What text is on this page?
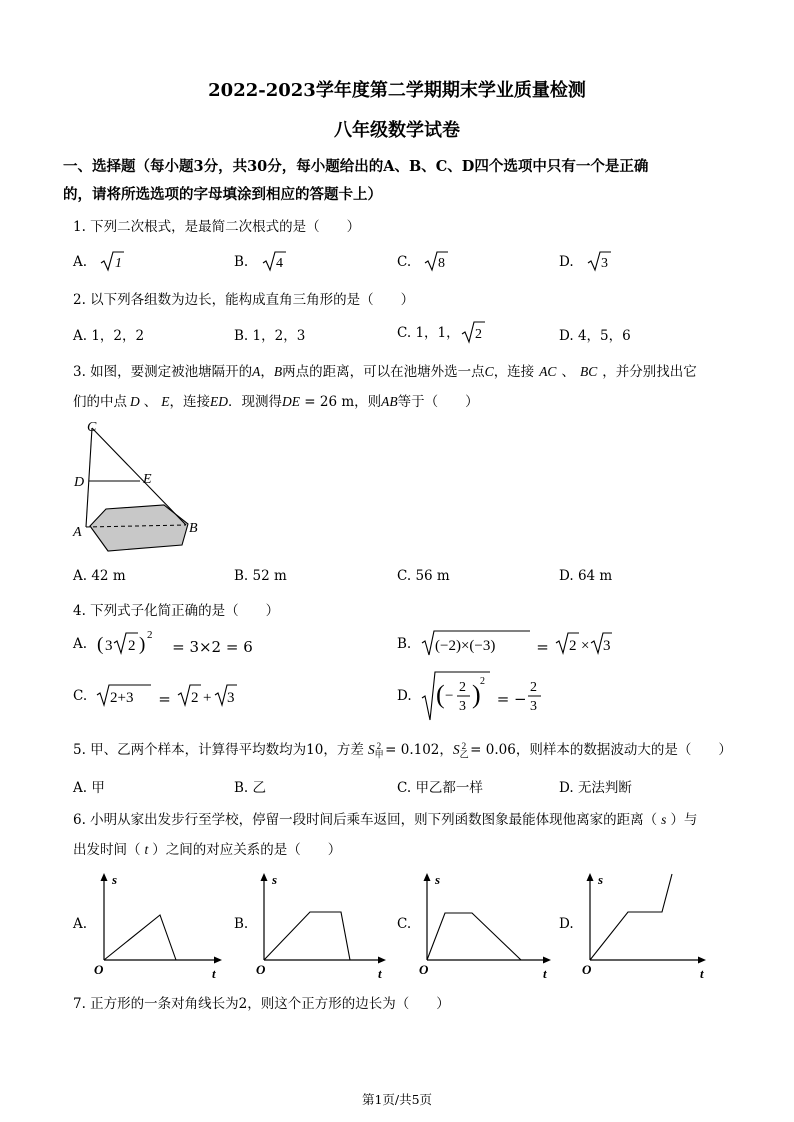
2022-2023学年度第二学期期末学业质量检测
八年级数学试卷
一、选择题（每小题3分，共30分，每小题给出的A、B、C、D四个选项中只有一个是正确
的，请将所选选项的字母填涂到相应的答题卡上）
1. 下列二次根式，是最简二次根式的是（　　）
A. 1	B. 4	C. 8	D. 3
2. 以下列各组数为边长，能构成直角三角形的是（　　）
A. 1，2，2	B. 1，2，3	C. 1，1， 2	D. 4，5，6
3. 如图，要测定被池塘隔开的A，B两点的距离，可以在池塘外选一点C，连接 AC 、 BC ，并分别找出它
们的中点 D 、 E，连接ED．现测得DE = 26 m，则AB等于（　　）
C
D	E
A	B
A. 42 m	B. 52 m	C. 56 m	D. 64 m
4. 下列式子化简正确的是（　　）
A. ( 3 2 ) 2
= 3×2 = 6	B. (−2)×(−3) = 2 × 3
C. 2+3 = 2 + 3	D. ( −
2
3 ) 2
= −
2
3
5. 甲、乙两个样本，计算得平均数均为10，方差 $S_甲^2 = 0.102$，$S_乙^2 = 0.06$，则样本的数据波动大的是（　　）
A. 甲	B. 乙	C. 甲乙都一样	D. 无法判断
6. 小明从家出发步行至学校，停留一段时间后乘车返回，则下列函数图象最能体现他离家的距离（ s ）与
出发时间（ t ）之间的对应关系的是（　　）
A.
s
t
O
B.
s
t
O
C.
s
t
O
D.
s
t
O
7. 正方形的一条对角线长为2，则这个正方形的边长为（　　）
第1页/共5页
